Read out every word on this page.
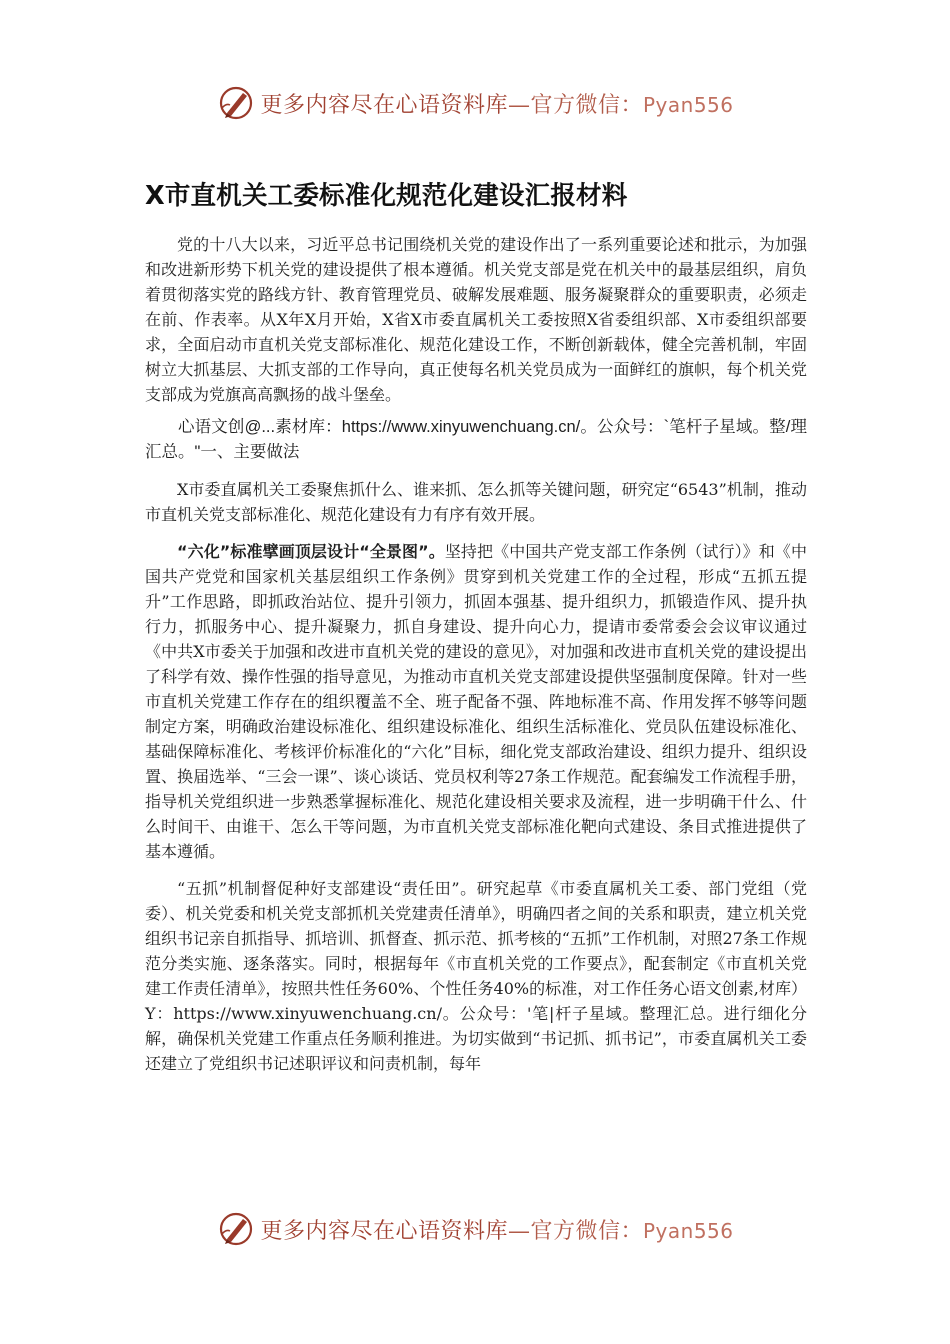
更多内容尽在心语资料库—官方微信：Pyan556
X市直机关工委标准化规范化建设汇报材料

党的十八大以来，习近平总书记围绕机关党的建设作出了一系列重要论述和批示，为加强和改进新形势下机关党的建设提供了根本遵循。机关党支部是党在机关中的最基层组织，肩负着贯彻落实党的路线方针、教育管理党员、破解发展难题、服务凝聚群众的重要职责，必须走在前、作表率。从X年X月开始，X省X市委直属机关工委按照X省委组织部、X市委组织部要求，全面启动市直机关党支部标准化、规范化建设工作，不断创新载体，健全完善机制，牢固树立大抓基层、大抓支部的工作导向，真正使每名机关党员成为一面鲜红的旗帜，每个机关党支部成为党旗高高飘扬的战斗堡垒。

心语文创@...素材库：https://www.xinyuwenchuang.cn/。公众号：`笔杆子星域。整/理汇总。"一、主要做法

X市委直属机关工委聚焦抓什么、谁来抓、怎么抓等关键问题，研究定“6543”机制，推动市直机关党支部标准化、规范化建设有力有序有效开展。

“六化”标准擘画顶层设计“全景图”。坚持把《中国共产党支部工作条例（试行）》和《中国共产党党和国家机关基层组织工作条例》贯穿到机关党建工作的全过程，形成“五抓五提升”工作思路，即抓政治站位、提升引领力，抓固本强基、提升组织力，抓锻造作风、提升执行力，抓服务中心、提升凝聚力，抓自身建设、提升向心力，提请市委常委会会议审议通过《中共X市委关于加强和改进市直机关党的建设的意见》，对加强和改进市直机关党的建设提出了科学有效、操作性强的指导意见，为推动市直机关党支部建设提供坚强制度保障。针对一些市直机关党建工作存在的组织覆盖不全、班子配备不强、阵地标准不高、作用发挥不够等问题制定方案，明确政治建设标准化、组织建设标准化、组织生活标准化、党员队伍建设标准化、基础保障标准化、考核评价标准化的“六化”目标，细化党支部政治建设、组织力提升、组织设置、换届选举、“三会一课”、谈心谈话、党员权利等27条工作规范。配套编发工作流程手册，指导机关党组织进一步熟悉掌握标准化、规范化建设相关要求及流程，进一步明确干什么、什么时间干、由谁干、怎么干等问题，为市直机关党支部标准化靶向式建设、条目式推进提供了基本遵循。

“五抓”机制督促种好支部建设“责任田”。研究起草《市委直属机关工委、部门党组（党委）、机关党委和机关党支部抓机关党建责任清单》，明确四者之间的关系和职责，建立机关党组织书记亲自抓指导、抓培训、抓督查、抓示范、抓考核的“五抓”工作机制，对照27条工作规范分类实施、逐条落实。同时，根据每年《市直机关党的工作要点》，配套制定《市直机关党建工作责任清单》，按照共性任务60%、个性任务40%的标准，对工作任务心语文创素,材库）Y：https://www.xinyuwenchuang.cn/。公众号：'笔|杆子星域。整理汇总。进行细化分解，确保机关党建工作重点任务顺利推进。为切实做到“书记抓、抓书记”，市委直属机关工委还建立了党组织书记述职评议和问责机制，每年

更多内容尽在心语资料库—官方微信：Pyan556
